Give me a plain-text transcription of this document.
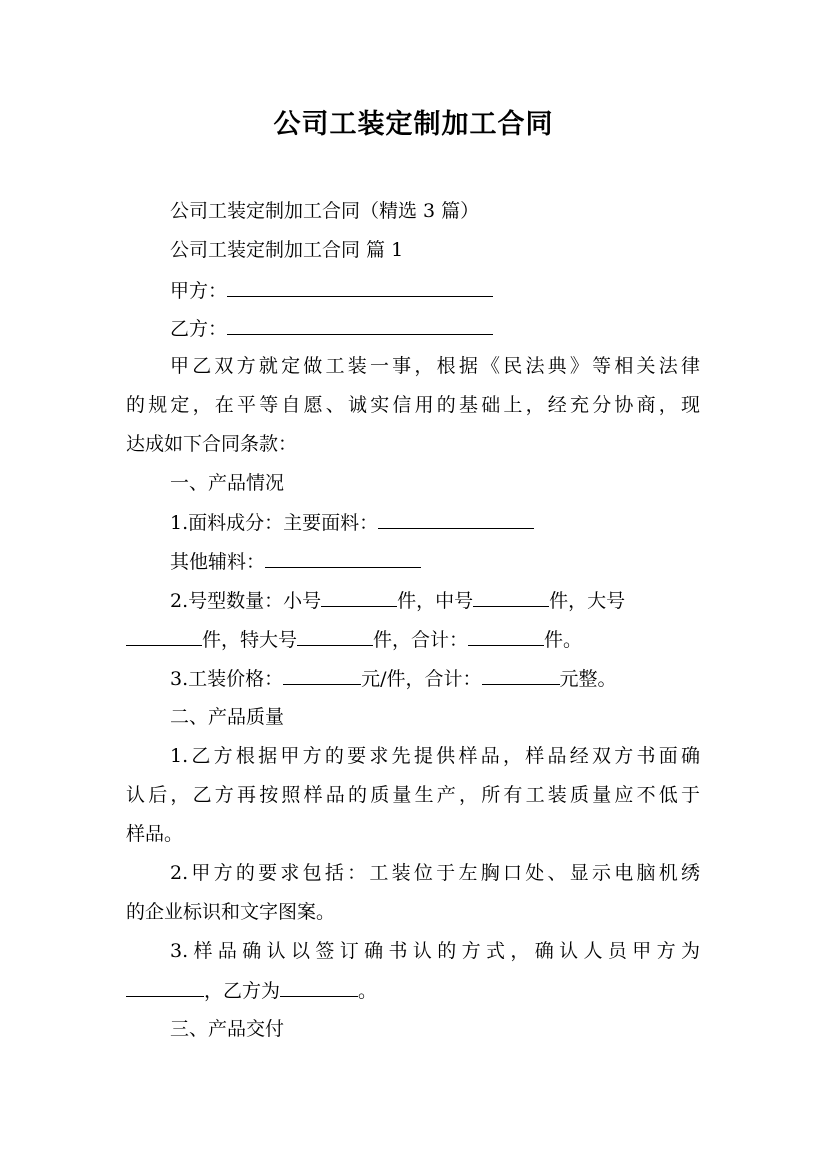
公司工装定制加工合同
公司工装定制加工合同（精选 3 篇）
公司工装定制加工合同 篇 1
甲方：
乙方：
甲乙双方就定做工装一事，根据《民法典》等相关法律
的规定，在平等自愿、诚实信用的基础上，经充分协商，现
达成如下合同条款：
一、产品情况
1.面料成分：主要面料：
其他辅料：
2.号型数量：小号	件，中号	件，大号
件，特大号	件，合计：	件。
3.工装价格：	元/件，合计：	元整。
二、产品质量
1.乙方根据甲方的要求先提供样品，样品经双方书面确
认后，乙方再按照样品的质量生产，所有工装质量应不低于
样品。
2.甲方的要求包括：工装位于左胸口处、显示电脑机绣
的企业标识和文字图案。
3.样品确认以签订确书认的方式，确认人员甲方为
，乙方为	。
三、产品交付
